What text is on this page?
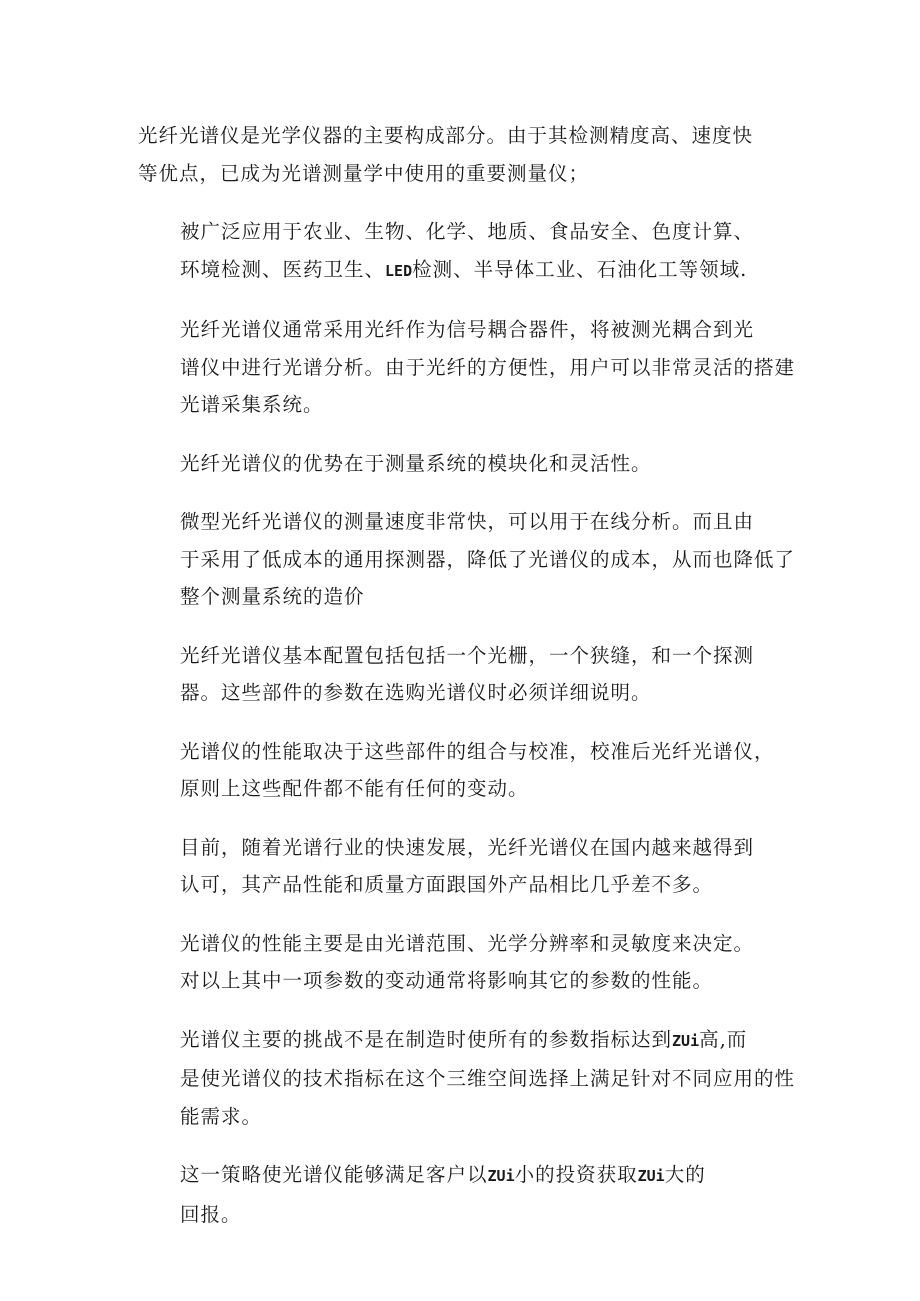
光纤光谱仪是光学仪器的主要构成部分。由于其检测精度高、速度快
等优点，已成为光谱测量学中使用的重要测量仪；

被广泛应用于农业、生物、化学、地质、食品安全、色度计算、
环境检测、医药卫生、LED检测、半导体工业、石油化工等领域.

光纤光谱仪通常采用光纤作为信号耦合器件，将被测光耦合到光
谱仪中进行光谱分析。由于光纤的方便性，用户可以非常灵活的搭建
光谱采集系统。

光纤光谱仪的优势在于测量系统的模块化和灵活性。

微型光纤光谱仪的测量速度非常快，可以用于在线分析。而且由
于采用了低成本的通用探测器，降低了光谱仪的成本，从而也降低了
整个测量系统的造价

光纤光谱仪基本配置包括包括一个光栅，一个狭缝，和一个探测
器。这些部件的参数在选购光谱仪时必须详细说明。

光谱仪的性能取决于这些部件的组合与校准，校准后光纤光谱仪，
原则上这些配件都不能有任何的变动。

目前，随着光谱行业的快速发展，光纤光谱仪在国内越来越得到
认可，其产品性能和质量方面跟国外产品相比几乎差不多。

光谱仪的性能主要是由光谱范围、光学分辨率和灵敏度来决定。
对以上其中一项参数的变动通常将影响其它的参数的性能。

光谱仪主要的挑战不是在制造时使所有的参数指标达到ZUi高,而
是使光谱仪的技术指标在这个三维空间选择上满足针对不同应用的性
能需求。

这一策略使光谱仪能够满足客户以ZUi小的投资获取ZUi大的
回报。
